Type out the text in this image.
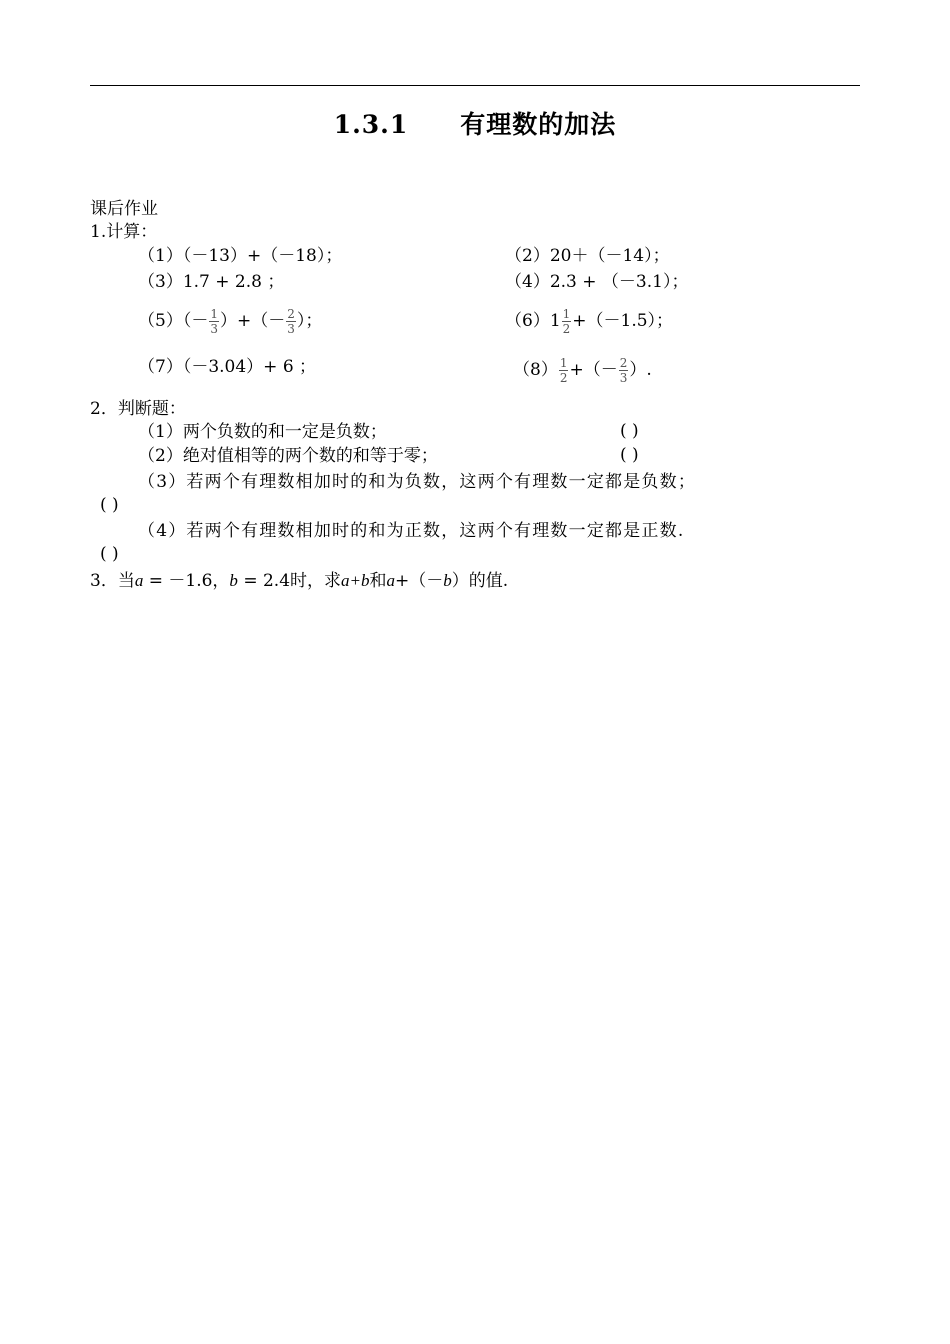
1.3.1 有理数的加法
课后作业
1.计算：
（1）（－13）+（－18）；	（2）20＋（－14）；
（3）1.7 + 2.8 ；	（4）2.3 + （－3.1）；
$(5)(- \frac{1}{3}$ ）+（－ $\frac{2}{3}$ ）；	$(6)1 \frac{1}{2} +(-1.5)$；
（7）（－3.04）+ 6 ；	$(8) \frac{1}{2}$ +（－ $\frac{2}{3}$ ）.
2．判断题：
（1）两个负数的和一定是负数；	( )
（2）绝对值相等的两个数的和等于零；	( )
（3）若两个有理数相加时的和为负数，这两个有理数一定都是负数；
( )
（4）若两个有理数相加时的和为正数，这两个有理数一定都是正数.
( )
3．当a = －1.6，b = 2.4时，求a+b和a+（－b）的值.
